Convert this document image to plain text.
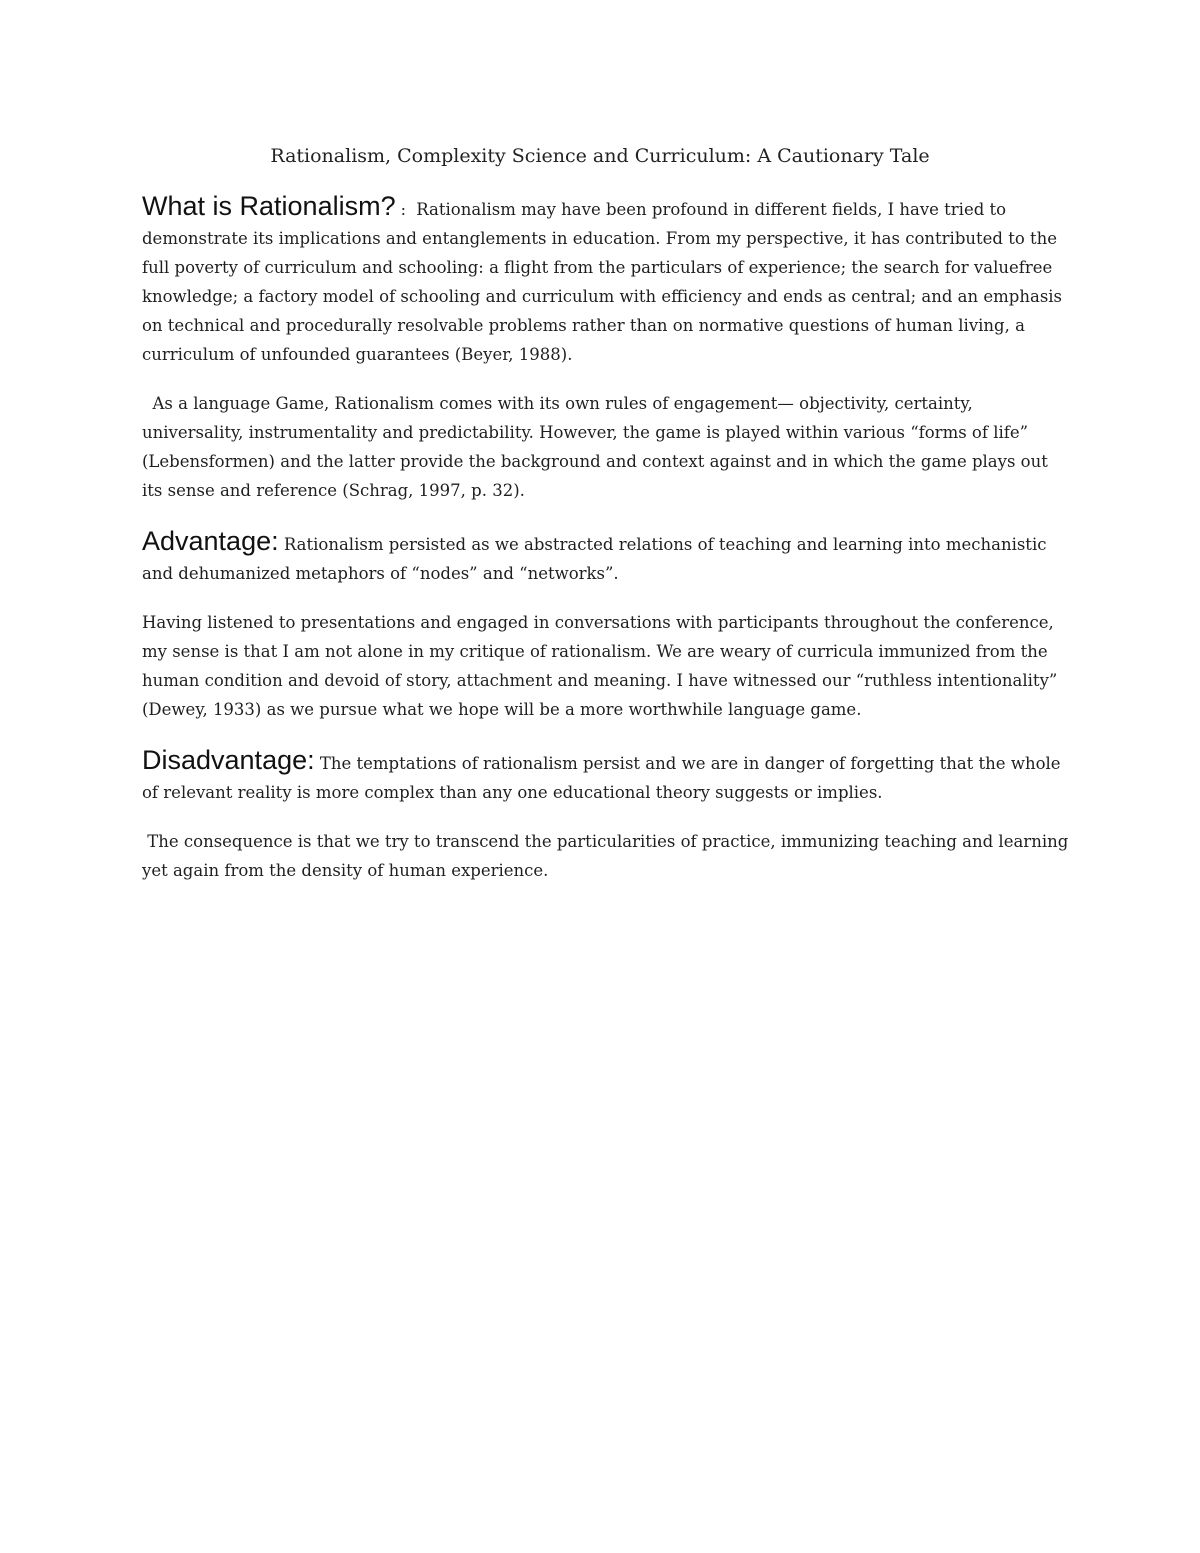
Rationalism, Complexity Science and Curriculum: A Cautionary Tale

What is Rationalism? :  Rationalism may have been profound in different fields, I have tried to demonstrate its implications and entanglements in education. From my perspective, it has contributed to the full poverty of curriculum and schooling: a flight from the particulars of experience; the search for valuefree knowledge; a factory model of schooling and curriculum with efficiency and ends as central; and an emphasis on technical and procedurally resolvable problems rather than on normative questions of human living, a curriculum of unfounded guarantees (Beyer, 1988).

As a language Game, Rationalism comes with its own rules of engagement— objectivity, certainty, universality, instrumentality and predictability. However, the game is played within various “forms of life” (Lebensformen) and the latter provide the background and context against and in which the game plays out its sense and reference (Schrag, 1997, p. 32).

Advantage: Rationalism persisted as we abstracted relations of teaching and learning into mechanistic and dehumanized metaphors of “nodes” and “networks”.

Having listened to presentations and engaged in conversations with participants throughout the conference, my sense is that I am not alone in my critique of rationalism. We are weary of curricula immunized from the human condition and devoid of story, attachment and meaning. I have witnessed our “ruthless intentionality” (Dewey, 1933) as we pursue what we hope will be a more worthwhile language game.

Disadvantage: The temptations of rationalism persist and we are in danger of forgetting that the whole of relevant reality is more complex than any one educational theory suggests or implies.

The consequence is that we try to transcend the particularities of practice, immunizing teaching and learning yet again from the density of human experience.
